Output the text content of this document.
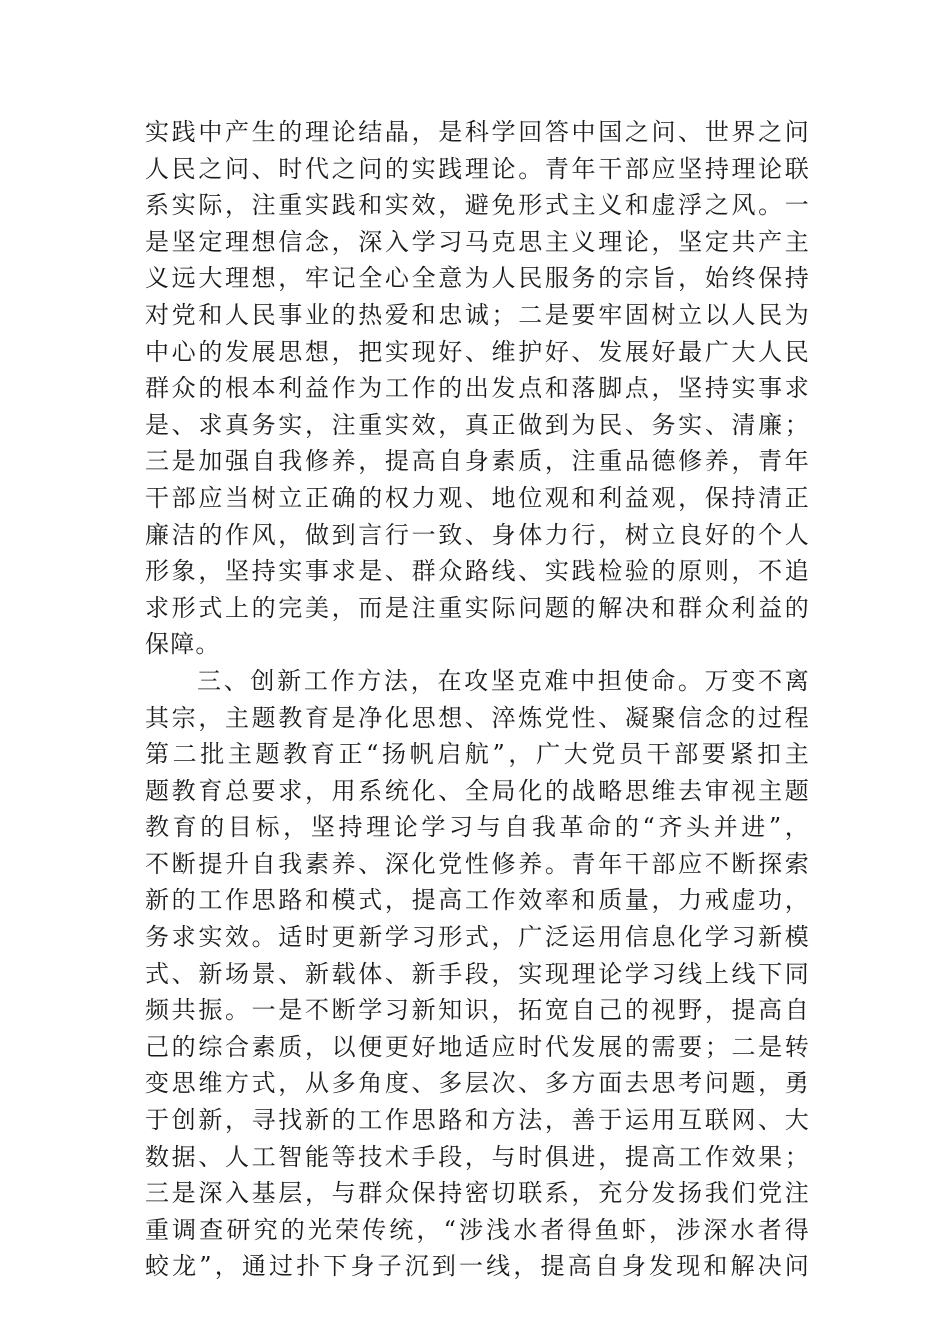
实践中产生的理论结晶，是科学回答中国之问、世界之问
人民之问、时代之问的实践理论。青年干部应坚持理论联
系实际，注重实践和实效，避免形式主义和虚浮之风。一
是坚定理想信念，深入学习马克思主义理论，坚定共产主
义远大理想，牢记全心全意为人民服务的宗旨，始终保持
对党和人民事业的热爱和忠诚；二是要牢固树立以人民为
中心的发展思想，把实现好、维护好、发展好最广大人民
群众的根本利益作为工作的出发点和落脚点，坚持实事求
是、求真务实，注重实效，真正做到为民、务实、清廉；
三是加强自我修养，提高自身素质，注重品德修养，青年
干部应当树立正确的权力观、地位观和利益观，保持清正
廉洁的作风，做到言行一致、身体力行，树立良好的个人
形象，坚持实事求是、群众路线、实践检验的原则，不追
求形式上的完美，而是注重实际问题的解决和群众利益的
保障。
三、创新工作方法，在攻坚克难中担使命。万变不离
其宗，主题教育是净化思想、淬炼党性、凝聚信念的过程
第二批主题教育正“扬帆启航”，广大党员干部要紧扣主
题教育总要求，用系统化、全局化的战略思维去审视主题
教育的目标，坚持理论学习与自我革命的“齐头并进”，
不断提升自我素养、深化党性修养。青年干部应不断探索
新的工作思路和模式，提高工作效率和质量，力戒虚功，
务求实效。适时更新学习形式，广泛运用信息化学习新模
式、新场景、新载体、新手段，实现理论学习线上线下同
频共振。一是不断学习新知识，拓宽自己的视野，提高自
己的综合素质，以便更好地适应时代发展的需要；二是转
变思维方式，从多角度、多层次、多方面去思考问题，勇
于创新，寻找新的工作思路和方法，善于运用互联网、大
数据、人工智能等技术手段，与时俱进，提高工作效果；
三是深入基层，与群众保持密切联系，充分发扬我们党注
重调查研究的光荣传统，“涉浅水者得鱼虾，涉深水者得
蛟龙”，通过扑下身子沉到一线，提高自身发现和解决问
